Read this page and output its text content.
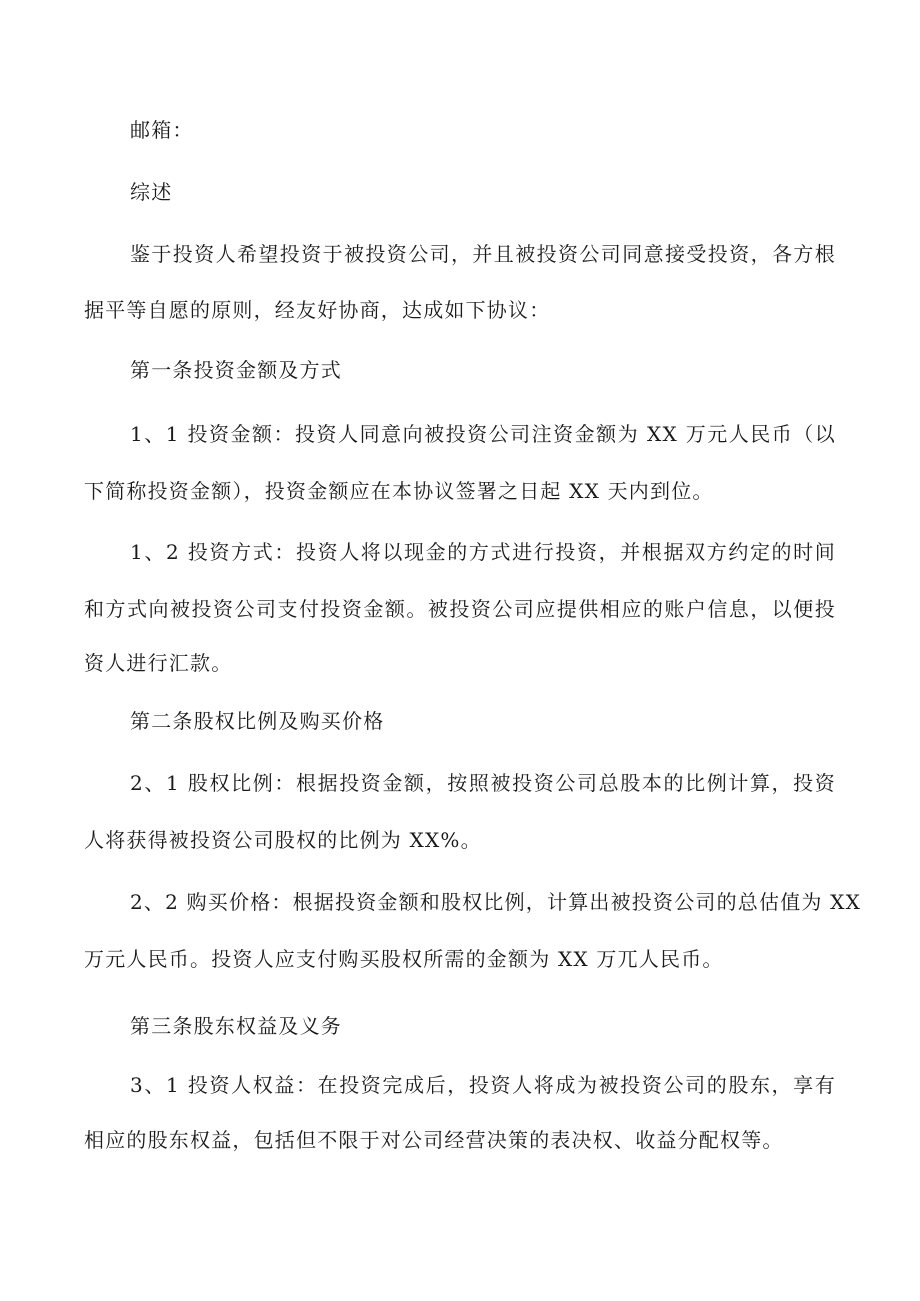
邮箱：
综述
鉴于投资人希望投资于被投资公司，并且被投资公司同意接受投资，各方根
据平等自愿的原则，经友好协商，达成如下协议：
第一条投资金额及方式
1、1 投资金额：投资人同意向被投资公司注资金额为 XX 万元人民币（以
下简称投资金额），投资金额应在本协议签署之日起 XX 天内到位。
1、2 投资方式：投资人将以现金的方式进行投资，并根据双方约定的时间
和方式向被投资公司支付投资金额。被投资公司应提供相应的账户信息，以便投
资人进行汇款。
第二条股权比例及购买价格
2、1 股权比例：根据投资金额，按照被投资公司总股本的比例计算，投资
人将获得被投资公司股权的比例为 XX%。
2、2 购买价格：根据投资金额和股权比例，计算出被投资公司的总估值为 XX
万元人民币。投资人应支付购买股权所需的金额为 XX 万兀人民币。
第三条股东权益及义务
3、1 投资人权益：在投资完成后，投资人将成为被投资公司的股东，享有
相应的股东权益，包括但不限于对公司经营决策的表决权、收益分配权等。
